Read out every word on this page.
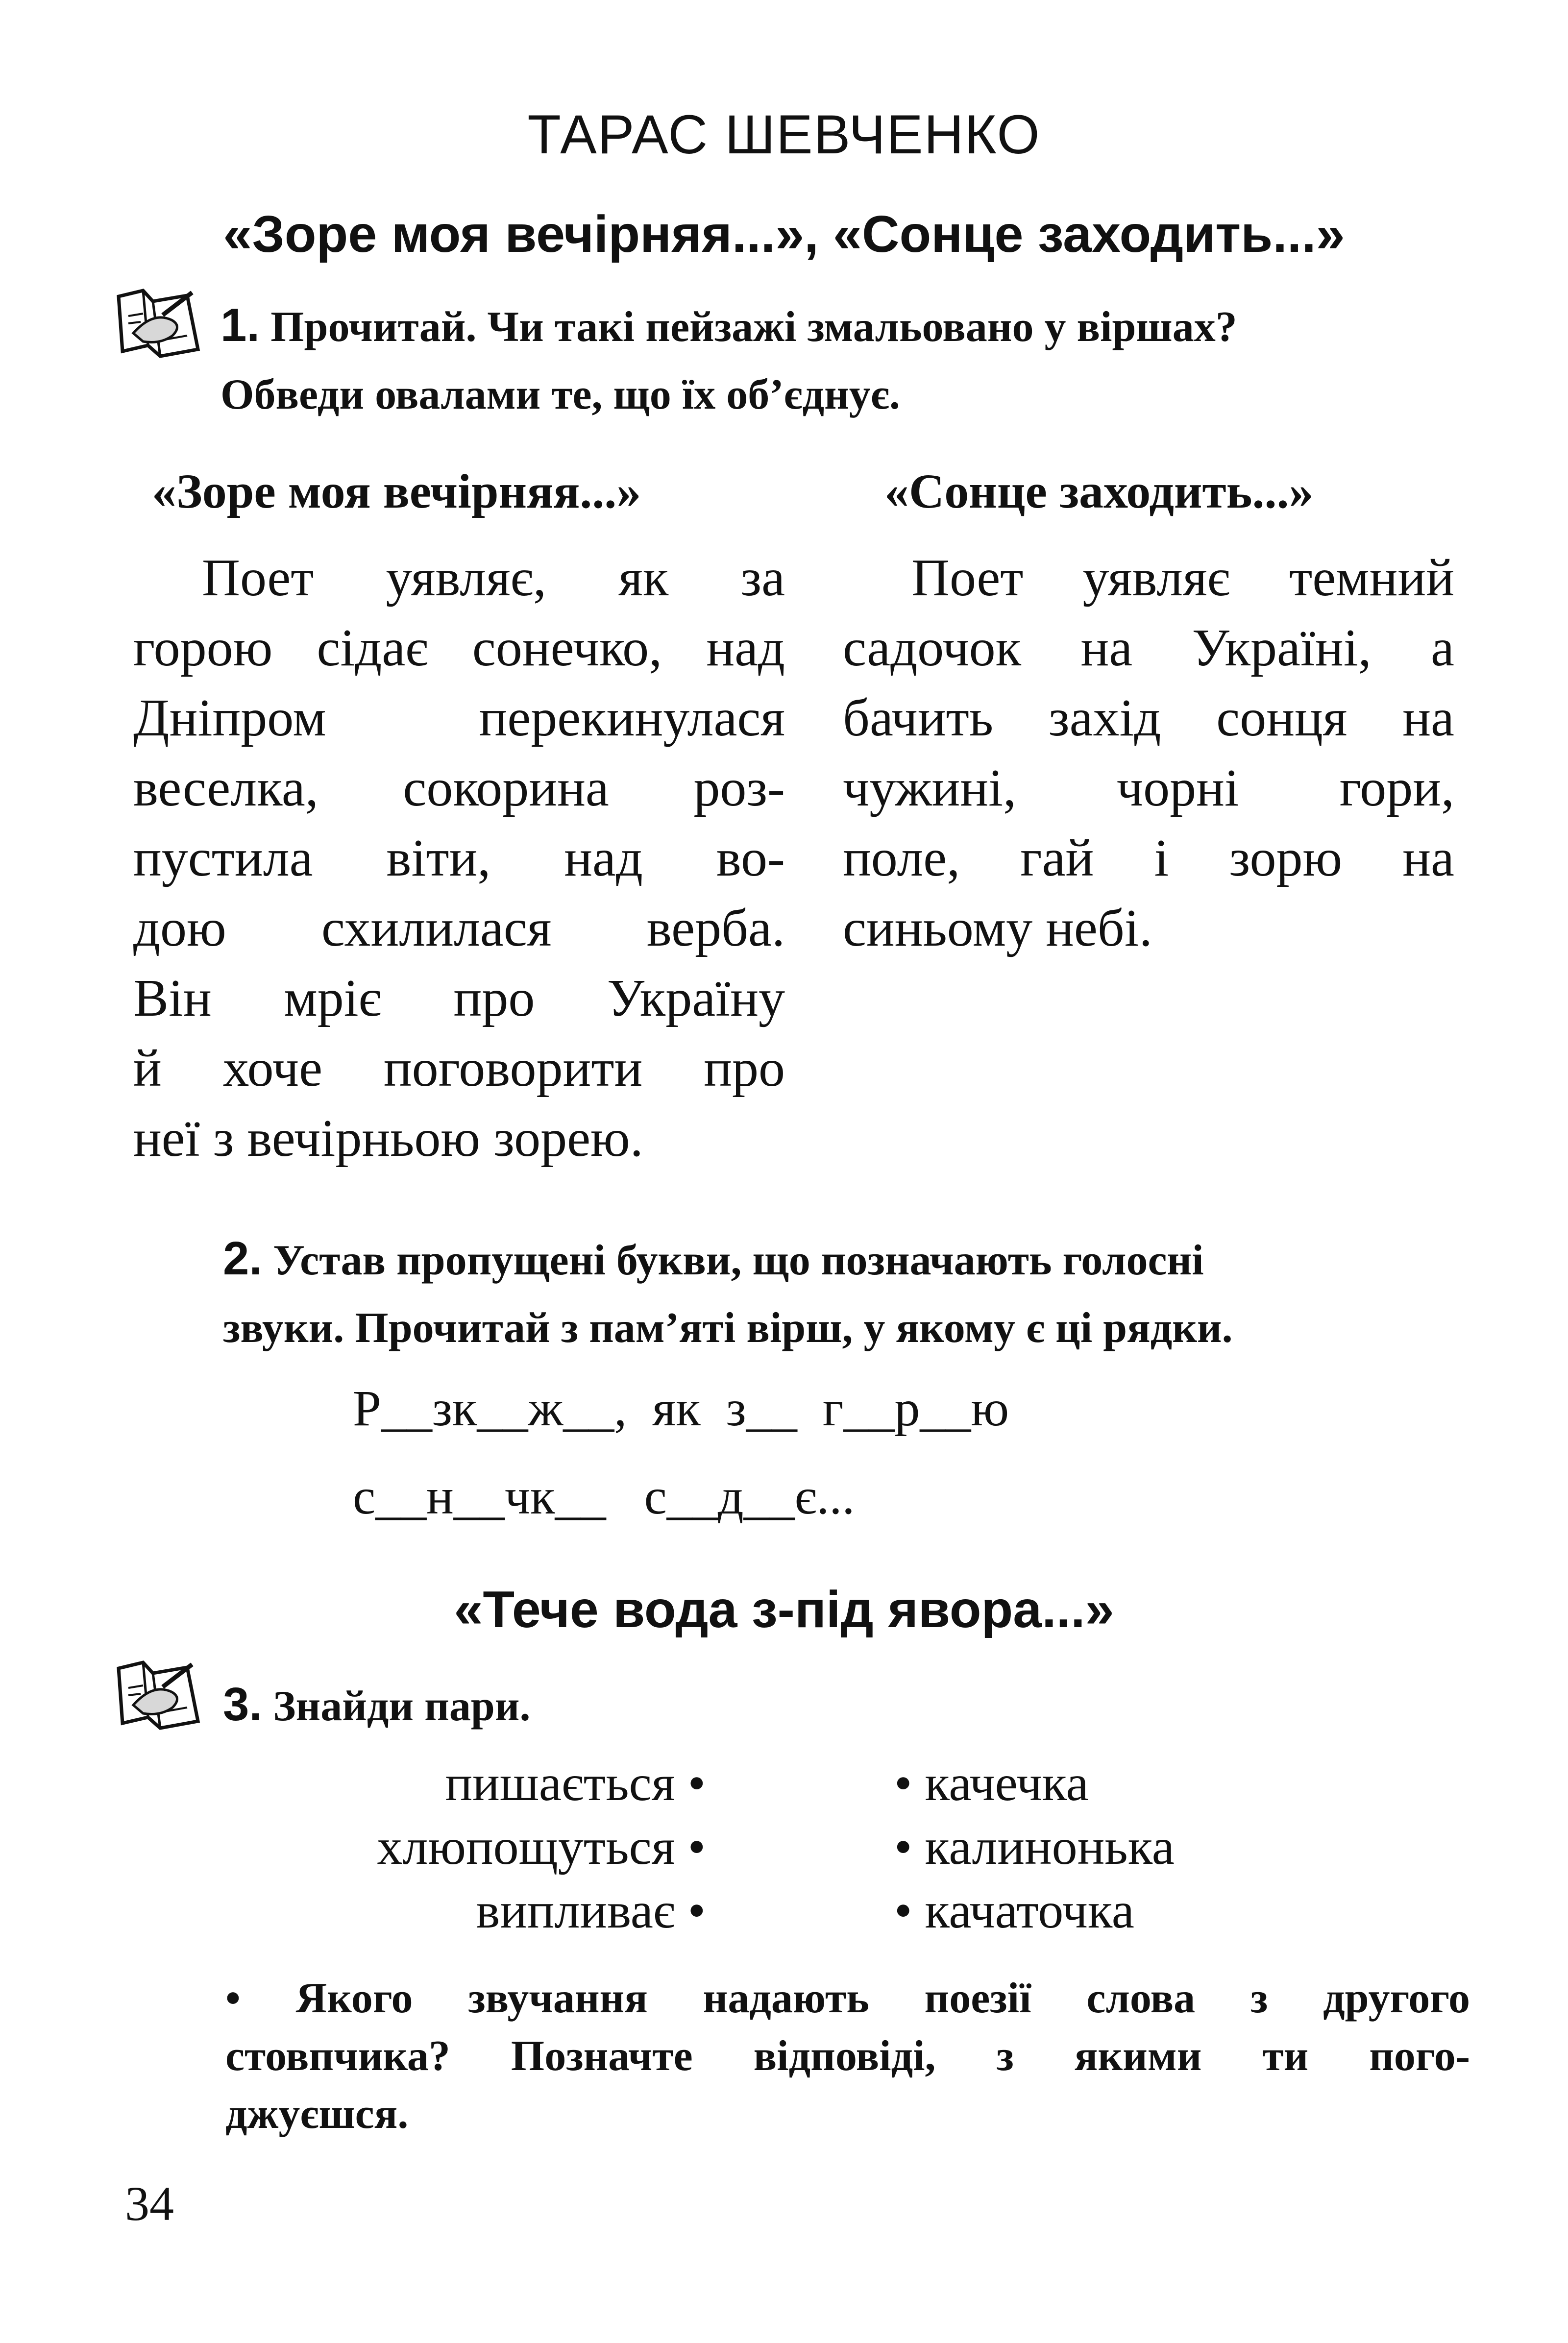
ТАРАС ШЕВЧЕНКО
«Зоре моя вечірняя...», «Сонце заходить...»
1. Прочитай. Чи такі пейзажі змальовано у віршах?
Обведи овалами те, що їх об’єднує.
«Зоре моя вечірняя...»
Поет уявляє, як за
горою сідає сонечко, над
Дніпром перекинулася
веселка, сокорина роз-
пустила віти, над во-
дою схилилася верба.
Він мріє про Україну
й хоче поговорити про
неї з вечірньою зорею.
«Сонце заходить...»
Поет уявляє темний
садочок на Україні, а
бачить захід сонця на
чужині, чорні гори,
поле, гай і зорю на
синьому небі.
2. Устав пропущені букви, що позначають голосні
звуки. Прочитай з пам’яті вірш, у якому є ці рядки.
Р__зк__ж__,  як  з__  г__р__ю
с__н__чк__   с__д__є...
«Тече вода з-під явора...»
3. Знайди пари.
пишається •
хлюпощуться •
випливає •
• качечка
• калинонька
• качаточка
• Якого звучання надають поезії слова з другого
стовпчика? Позначте відповіді, з якими ти пого-
джуєшся.
34
